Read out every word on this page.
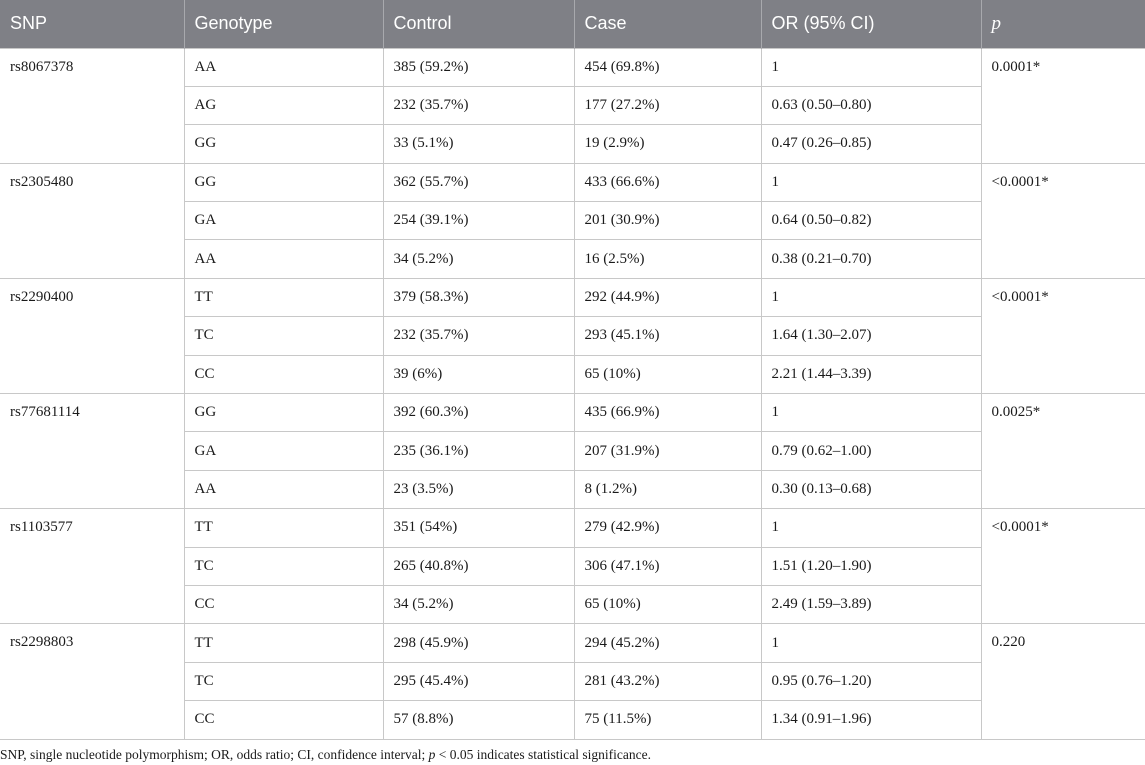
SNP	Genotype	Control	Case	OR (95% CI)	p
rs8067378	AA	385 (59.2%)	454 (69.8%)	1	0.0001*
	AG	232 (35.7%)	177 (27.2%)	0.63 (0.50–0.80)	
	GG	33 (5.1%)	19 (2.9%)	0.47 (0.26–0.85)	
rs2305480	GG	362 (55.7%)	433 (66.6%)	1	<0.0001*
	GA	254 (39.1%)	201 (30.9%)	0.64 (0.50–0.82)	
	AA	34 (5.2%)	16 (2.5%)	0.38 (0.21–0.70)	
rs2290400	TT	379 (58.3%)	292 (44.9%)	1	<0.0001*
	TC	232 (35.7%)	293 (45.1%)	1.64 (1.30–2.07)	
	CC	39 (6%)	65 (10%)	2.21 (1.44–3.39)	
rs77681114	GG	392 (60.3%)	435 (66.9%)	1	0.0025*
	GA	235 (36.1%)	207 (31.9%)	0.79 (0.62–1.00)	
	AA	23 (3.5%)	8 (1.2%)	0.30 (0.13–0.68)	
rs1103577	TT	351 (54%)	279 (42.9%)	1	<0.0001*
	TC	265 (40.8%)	306 (47.1%)	1.51 (1.20–1.90)	
	CC	34 (5.2%)	65 (10%)	2.49 (1.59–3.89)	
rs2298803	TT	298 (45.9%)	294 (45.2%)	1	0.220
	TC	295 (45.4%)	281 (43.2%)	0.95 (0.76–1.20)	
	CC	57 (8.8%)	75 (11.5%)	1.34 (0.91–1.96)	
SNP, single nucleotide polymorphism; OR, odds ratio; CI, confidence interval; p < 0.05 indicates statistical significance.
